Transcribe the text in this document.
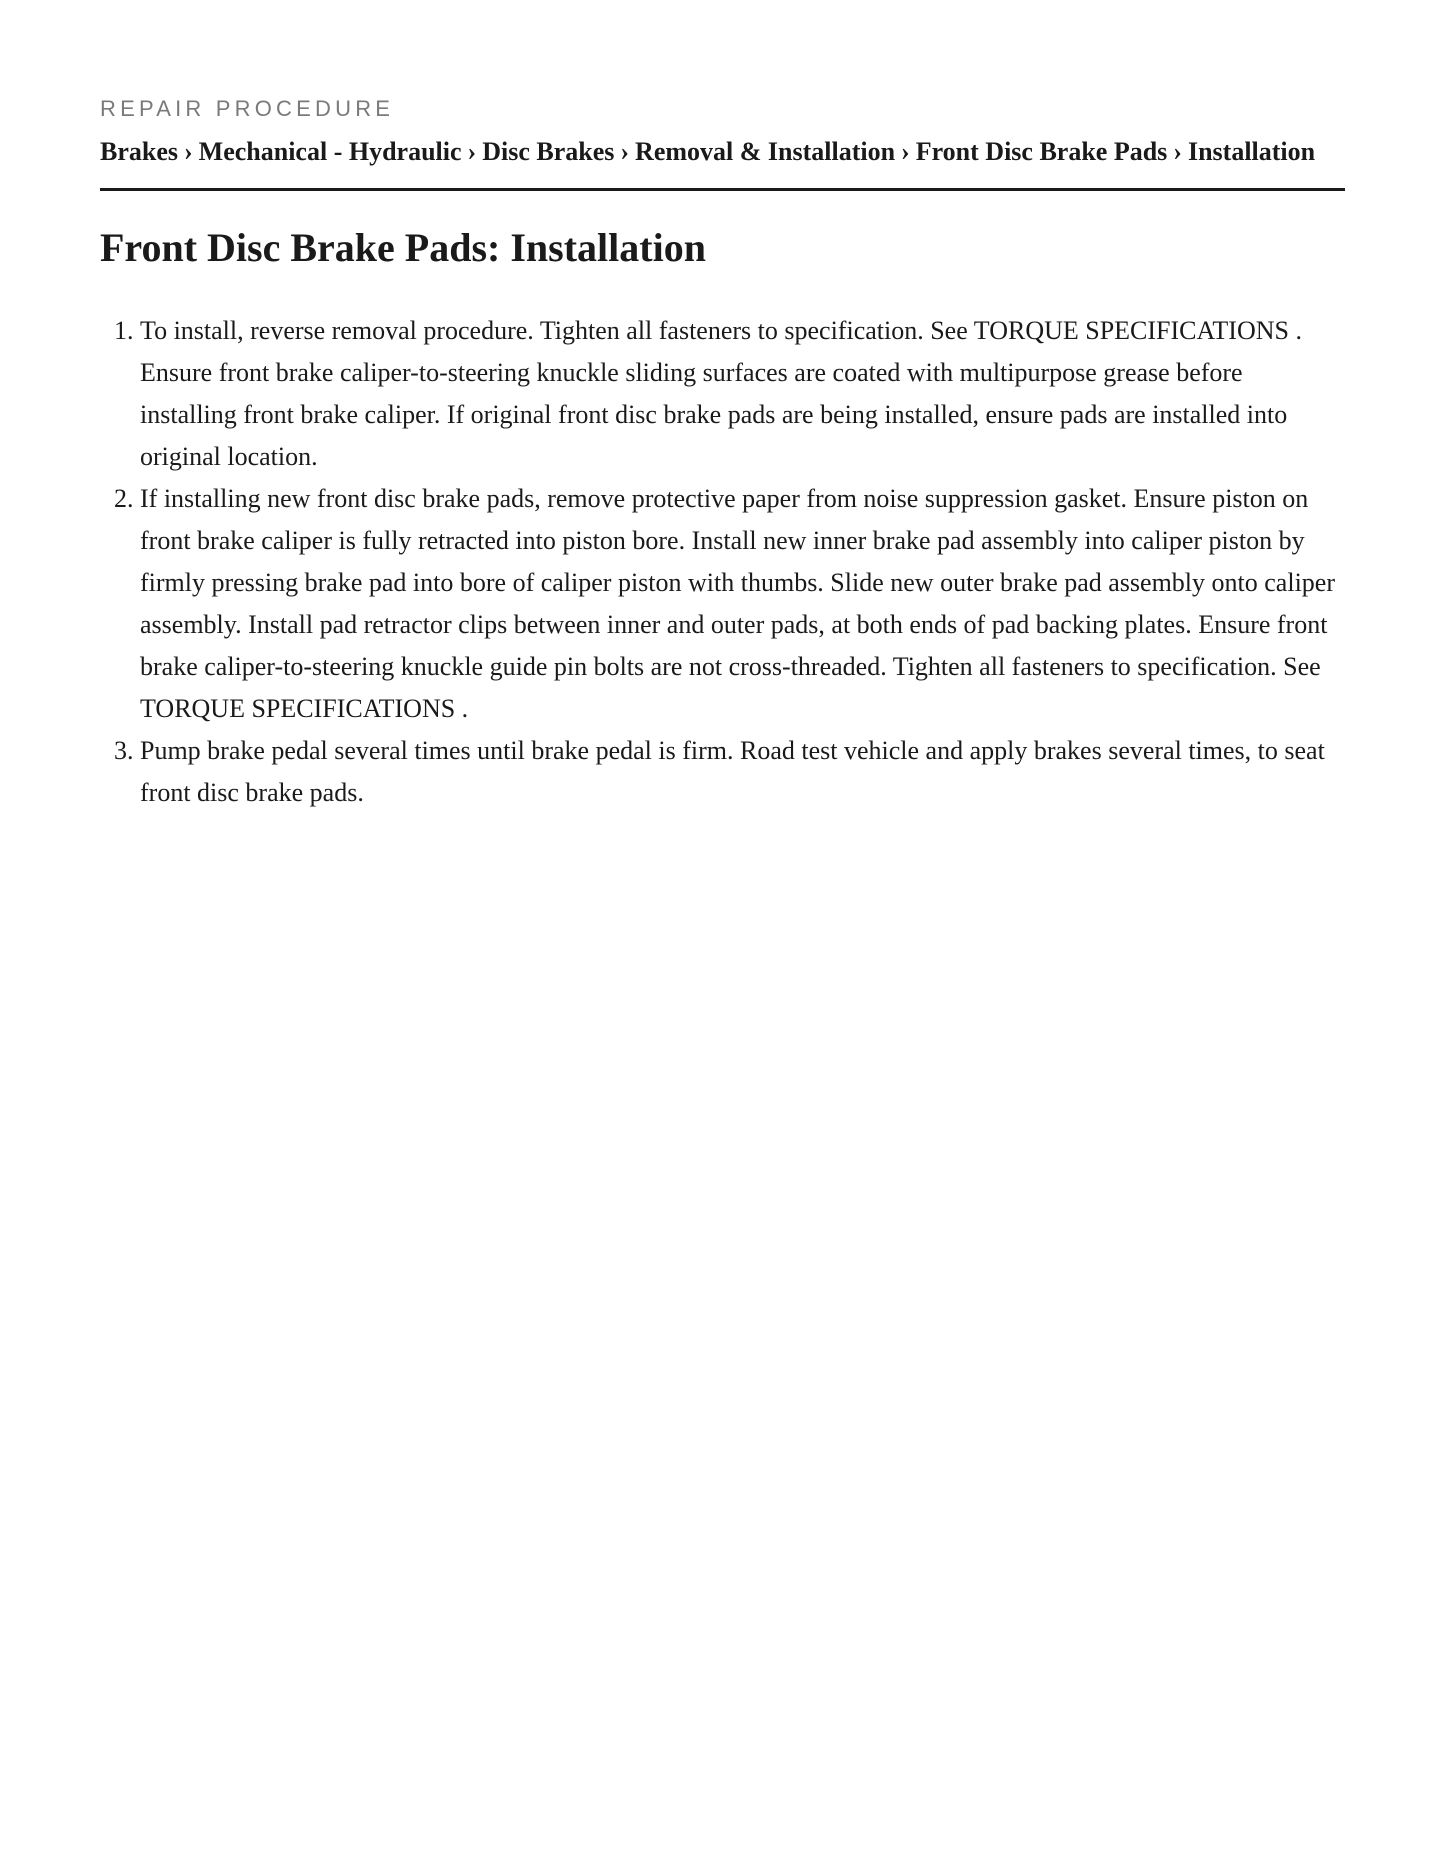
REPAIR PROCEDURE
Brakes › Mechanical - Hydraulic › Disc Brakes › Removal & Installation › Front Disc Brake Pads › Installation
Front Disc Brake Pads: Installation
1. To install, reverse removal procedure. Tighten all fasteners to specification. See TORQUE SPECIFICATIONS . Ensure front brake caliper-to-steering knuckle sliding surfaces are coated with multipurpose grease before installing front brake caliper. If original front disc brake pads are being installed, ensure pads are installed into original location.
2. If installing new front disc brake pads, remove protective paper from noise suppression gasket. Ensure piston on front brake caliper is fully retracted into piston bore. Install new inner brake pad assembly into caliper piston by firmly pressing brake pad into bore of caliper piston with thumbs. Slide new outer brake pad assembly onto caliper assembly. Install pad retractor clips between inner and outer pads, at both ends of pad backing plates. Ensure front brake caliper-to-steering knuckle guide pin bolts are not cross-threaded. Tighten all fasteners to specification. See TORQUE SPECIFICATIONS .
3. Pump brake pedal several times until brake pedal is firm. Road test vehicle and apply brakes several times, to seat front disc brake pads.
